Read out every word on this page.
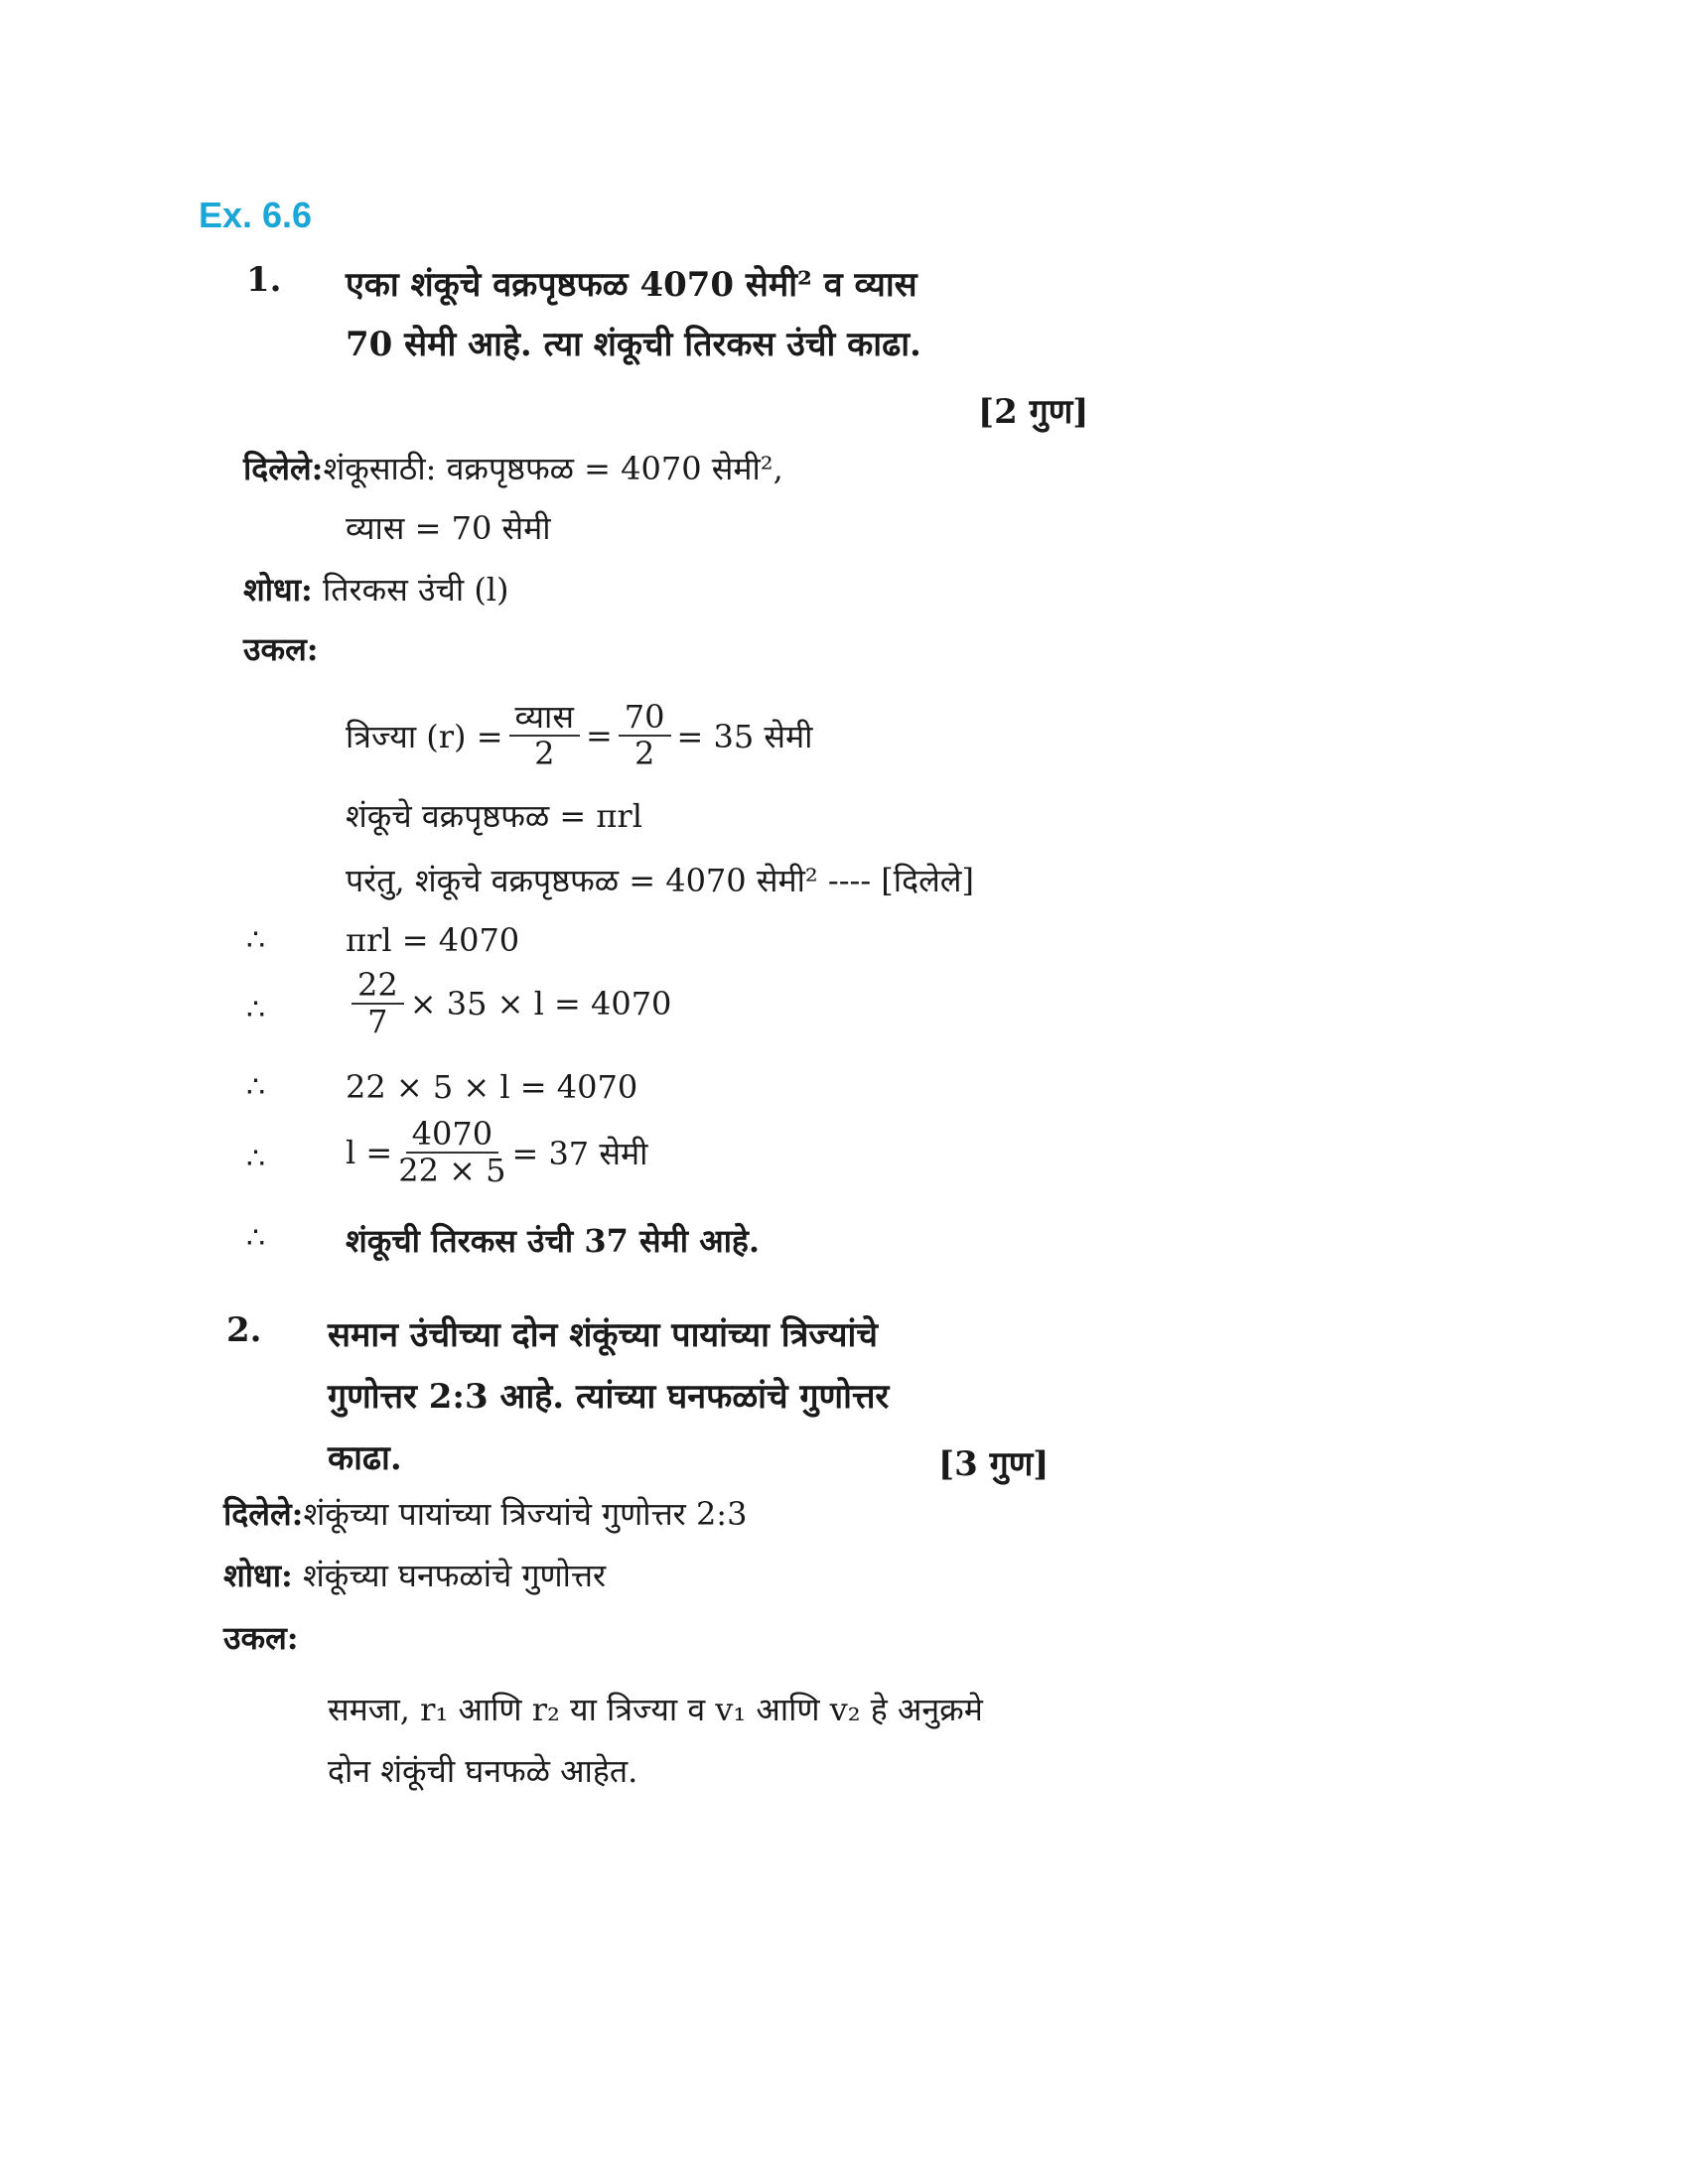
Ex. 6.6
1. एका शंकूचे वक्रपृष्ठफळ 4070 सेमी² व व्यास
70 सेमी आहे. त्या शंकूची तिरकस उंची काढा.
[2 गुण]
दिलेले:शंकूसाठी: वक्रपृष्ठफळ = 4070 सेमी²,
व्यास = 70 सेमी
शोधा: तिरकस उंची (l)
उकल:
त्रिज्या $(r) = \frac{\text{व्यास}}{2} = \frac{70}{2} = 35$ सेमी
शंकूचे वक्रपृष्ठफळ = πrl
परंतु, शंकूचे वक्रपृष्ठफळ = 4070 सेमी² ---- [दिलेले]
∴	πrl = 4070
∴	$\frac{22}{7} \times 35 \times l = 4070$
∴	22 × 5 × l = 4070
∴	$l = \frac{4070}{22 \times 5} = 37$ सेमी
∴	शंकूची तिरकस उंची 37 सेमी आहे.
2. समान उंचीच्या दोन शंकूंच्या पायांच्या त्रिज्यांचे
गुणोत्तर 2:3 आहे. त्यांच्या घनफळांचे गुणोत्तर
काढा.	[3 गुण]
दिलेले:शंकूंच्या पायांच्या त्रिज्यांचे गुणोत्तर 2:3
शोधा: शंकूंच्या घनफळांचे गुणोत्तर
उकल:
समजा, r₁ आणि r₂ या त्रिज्या व v₁ आणि v₂ हे अनुक्रमे
दोन शंकूंची घनफळे आहेत.
